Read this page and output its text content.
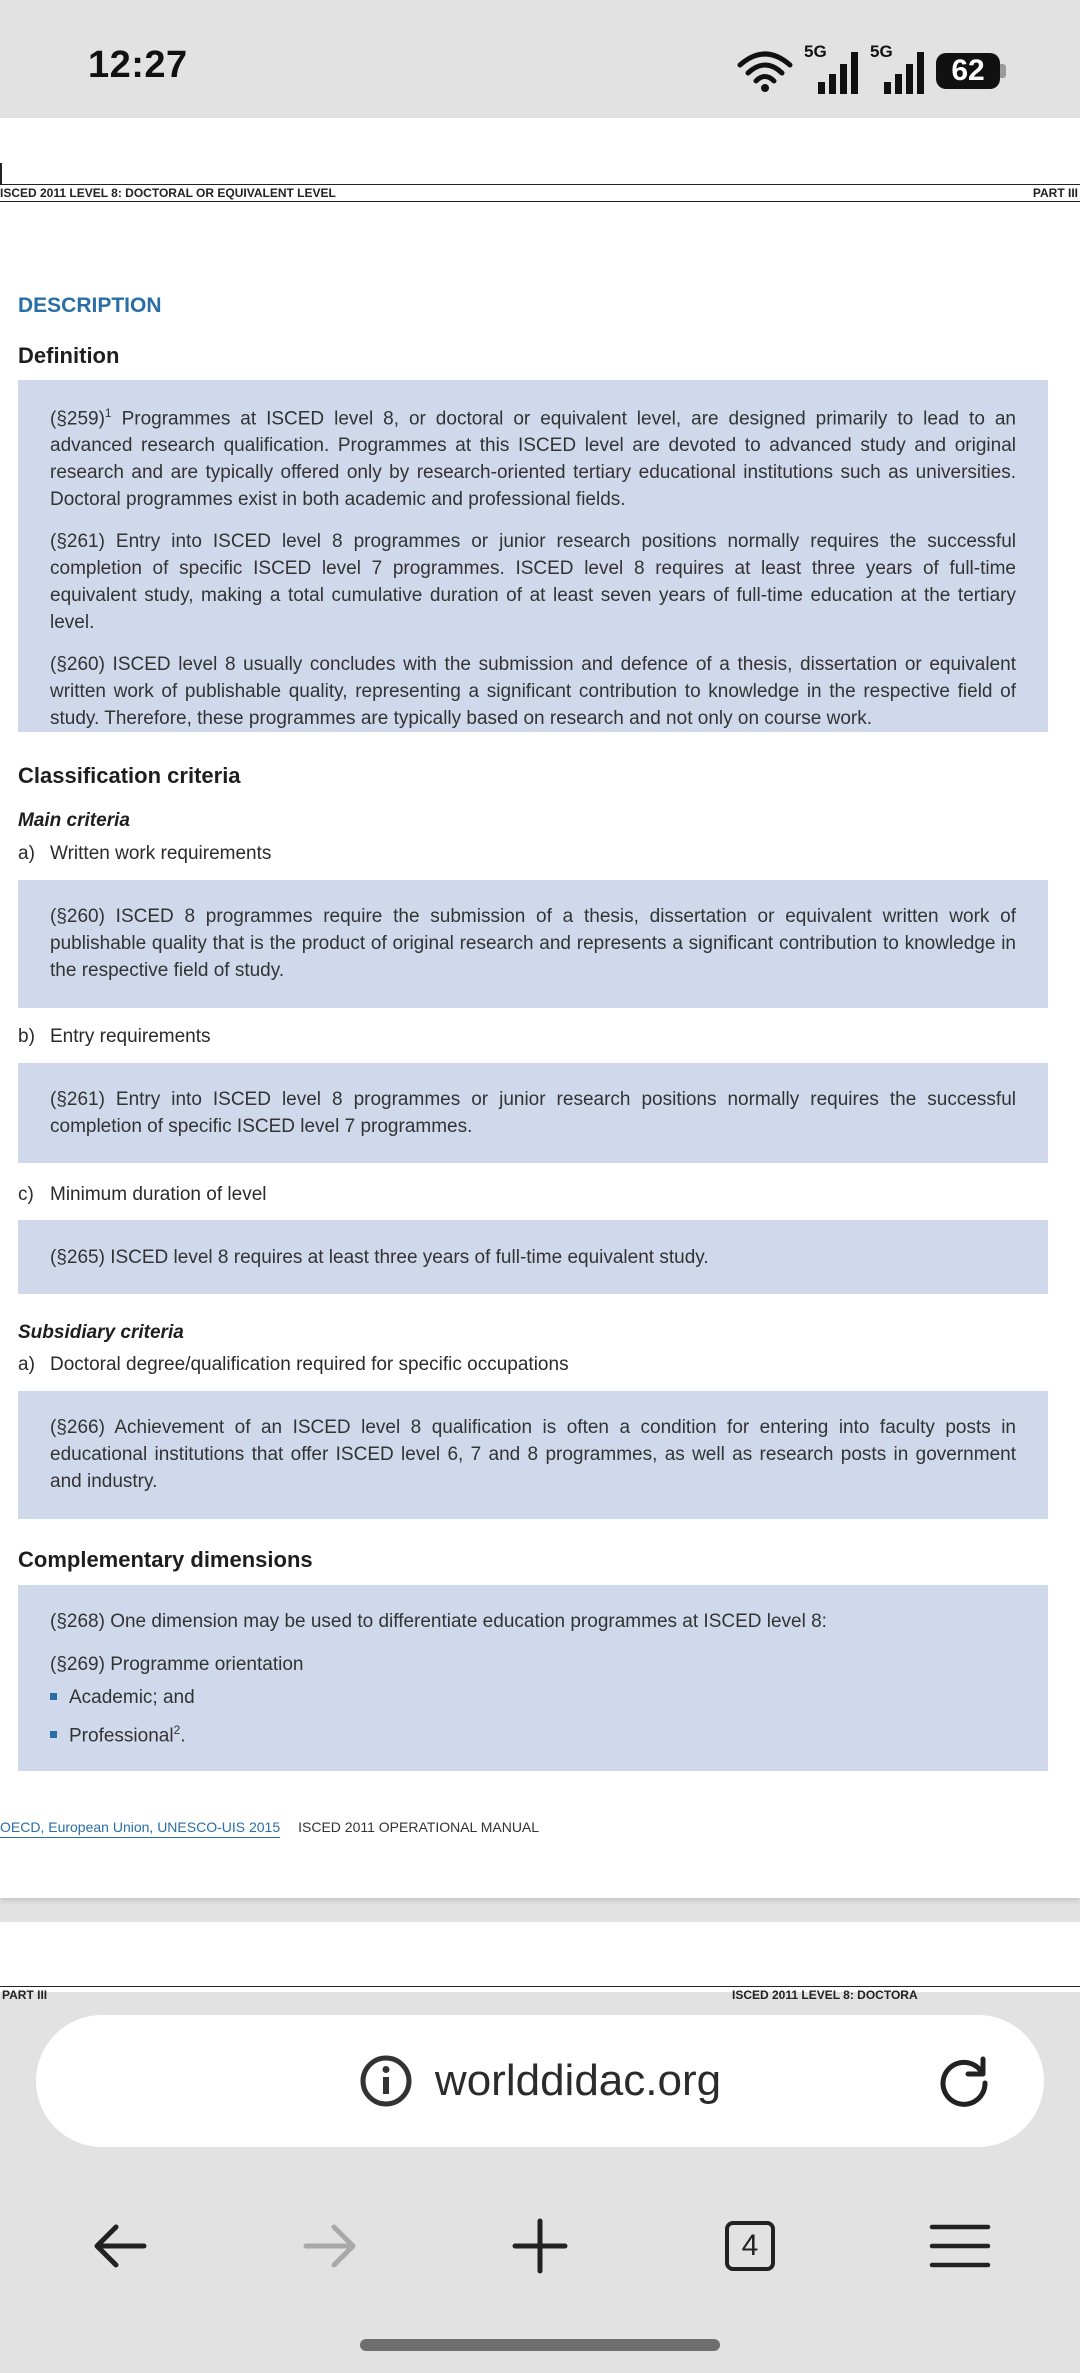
12:27	5G	5G
62
ISCED 2011 LEVEL 8: DOCTORAL OR EQUIVALENT LEVEL	PART III
DESCRIPTION
Definition

(§259)$^1$ Programmes at ISCED level 8, or doctoral or equivalent level, are designed primarily to lead to an advanced research qualification. Programmes at this ISCED level are devoted to advanced study and original research and are typically offered only by research-oriented tertiary educational institutions such as universities. Doctoral programmes exist in both academic and professional fields.

(§261) Entry into ISCED level 8 programmes or junior research positions normally requires the successful completion of specific ISCED level 7 programmes. ISCED level 8 requires at least three years of full-time equivalent study, making a total cumulative duration of at least seven years of full-time education at the tertiary level.

(§260) ISCED level 8 usually concludes with the submission and defence of a thesis, dissertation or equivalent written work of publishable quality, representing a significant contribution to knowledge in the respective field of study. Therefore, these programmes are typically based on research and not only on course work.

Classification criteria
Main criteria
a) Written work requirements

(§260) ISCED 8 programmes require the submission of a thesis, dissertation or equivalent written work of publishable quality that is the product of original research and represents a significant contribution to knowledge in the respective field of study.

b) Entry requirements

(§261) Entry into ISCED level 8 programmes or junior research positions normally requires the successful completion of specific ISCED level 7 programmes.

c) Minimum duration of level

(§265) ISCED level 8 requires at least three years of full-time equivalent study.

Subsidiary criteria
a) Doctoral degree/qualification required for specific occupations

(§266) Achievement of an ISCED level 8 qualification is often a condition for entering into faculty posts in educational institutions that offer ISCED level 6, 7 and 8 programmes, as well as research posts in government and industry.

Complementary dimensions

(§268) One dimension may be used to differentiate education programmes at ISCED level 8:

(§269) Programme orientation

Academic; and
Professional$^2$.
OECD, European Union, UNESCO-UIS 2015 ISCED 2011 OPERATIONAL MANUAL
PART III	ISCED 2011 LEVEL 8: DOCTORA
worlddidac.org
4
